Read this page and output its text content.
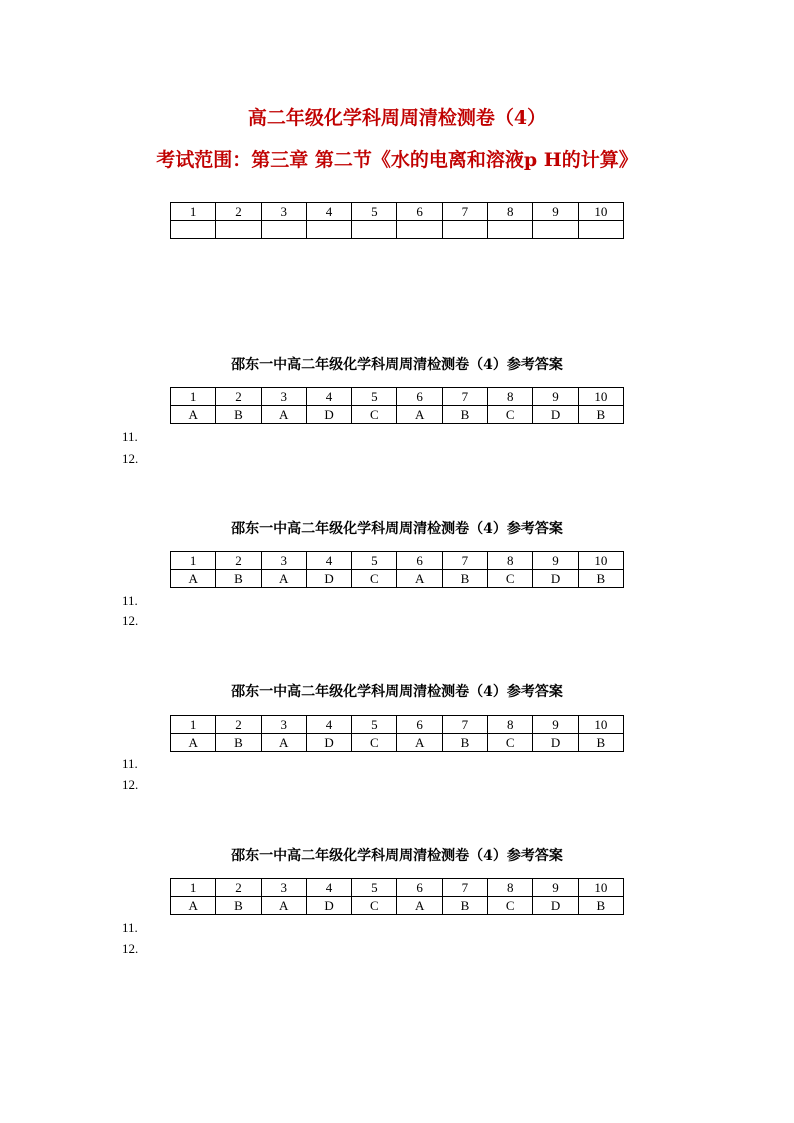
高二年级化学科周周清检测卷（4）
考试范围：第三章 第二节《水的电离和溶液p H的计算》
1	2	3	4	5	6	7	8	9	10

邵东一中高二年级化学科周周清检测卷（4）参考答案
1	2	3	4	5	6	7	8	9	10
A	B	A	D	C	A	B	C	D	B
11.
12.
邵东一中高二年级化学科周周清检测卷（4）参考答案
1	2	3	4	5	6	7	8	9	10
A	B	A	D	C	A	B	C	D	B
11.
12.
邵东一中高二年级化学科周周清检测卷（4）参考答案
1	2	3	4	5	6	7	8	9	10
A	B	A	D	C	A	B	C	D	B
11.
12.
邵东一中高二年级化学科周周清检测卷（4）参考答案
1	2	3	4	5	6	7	8	9	10
A	B	A	D	C	A	B	C	D	B
11.
12.
